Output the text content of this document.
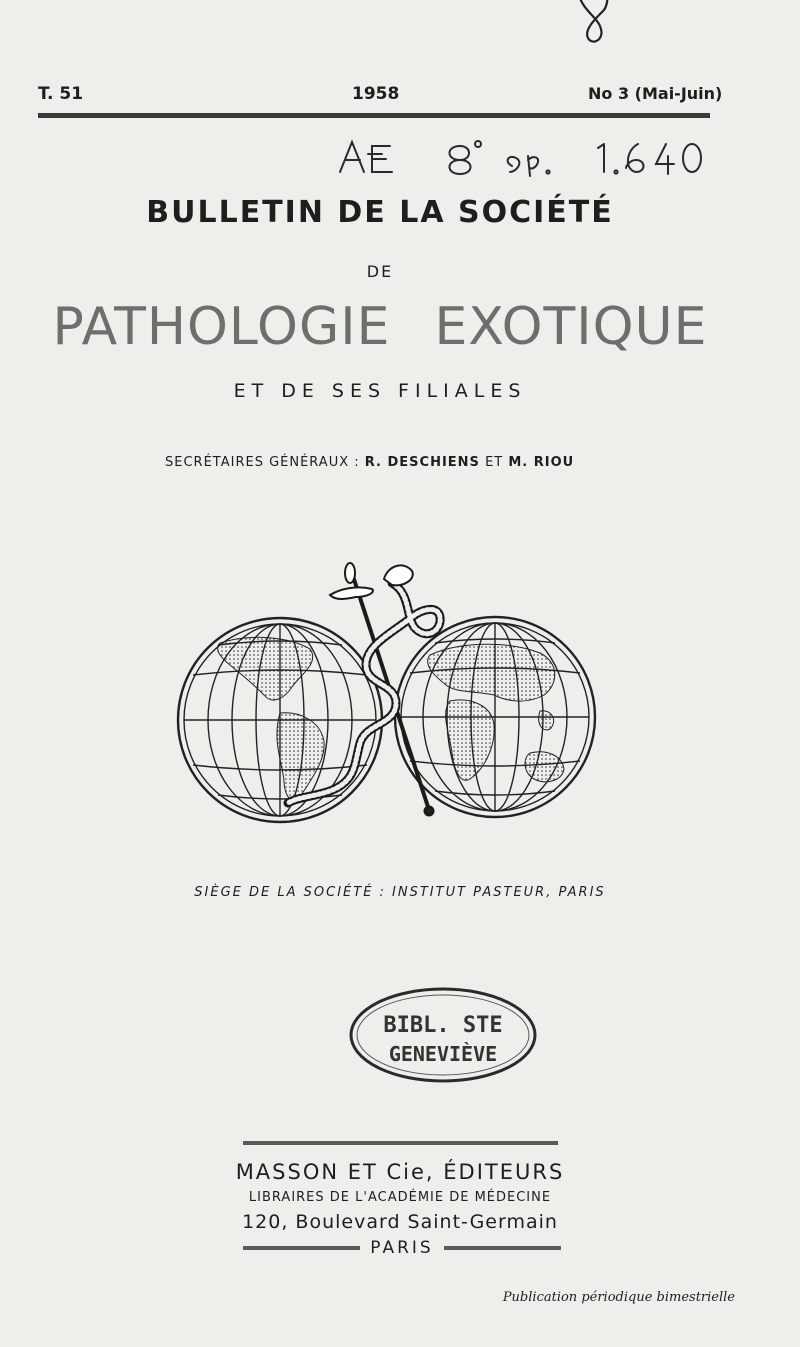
T. 51	1958	No 3 (Mai-Juin)
BULLETIN DE LA SOCIÉTÉ
DE
PATHOLOGIE EXOTIQUE
ET DE SES FILIALES
SECRÉTAIRES GÉNÉRAUX : R. DESCHIENS ET M. RIOU
SIÈGE DE LA SOCIÉTÉ : INSTITUT PASTEUR, PARIS
BIBL. STE
GENEVIÈVE
MASSON ET Cie, ÉDITEURS
LIBRAIRES DE L'ACADÉMIE DE MÉDECINE
120, Boulevard Saint-Germain
PARIS
Publication périodique bimestrielle
